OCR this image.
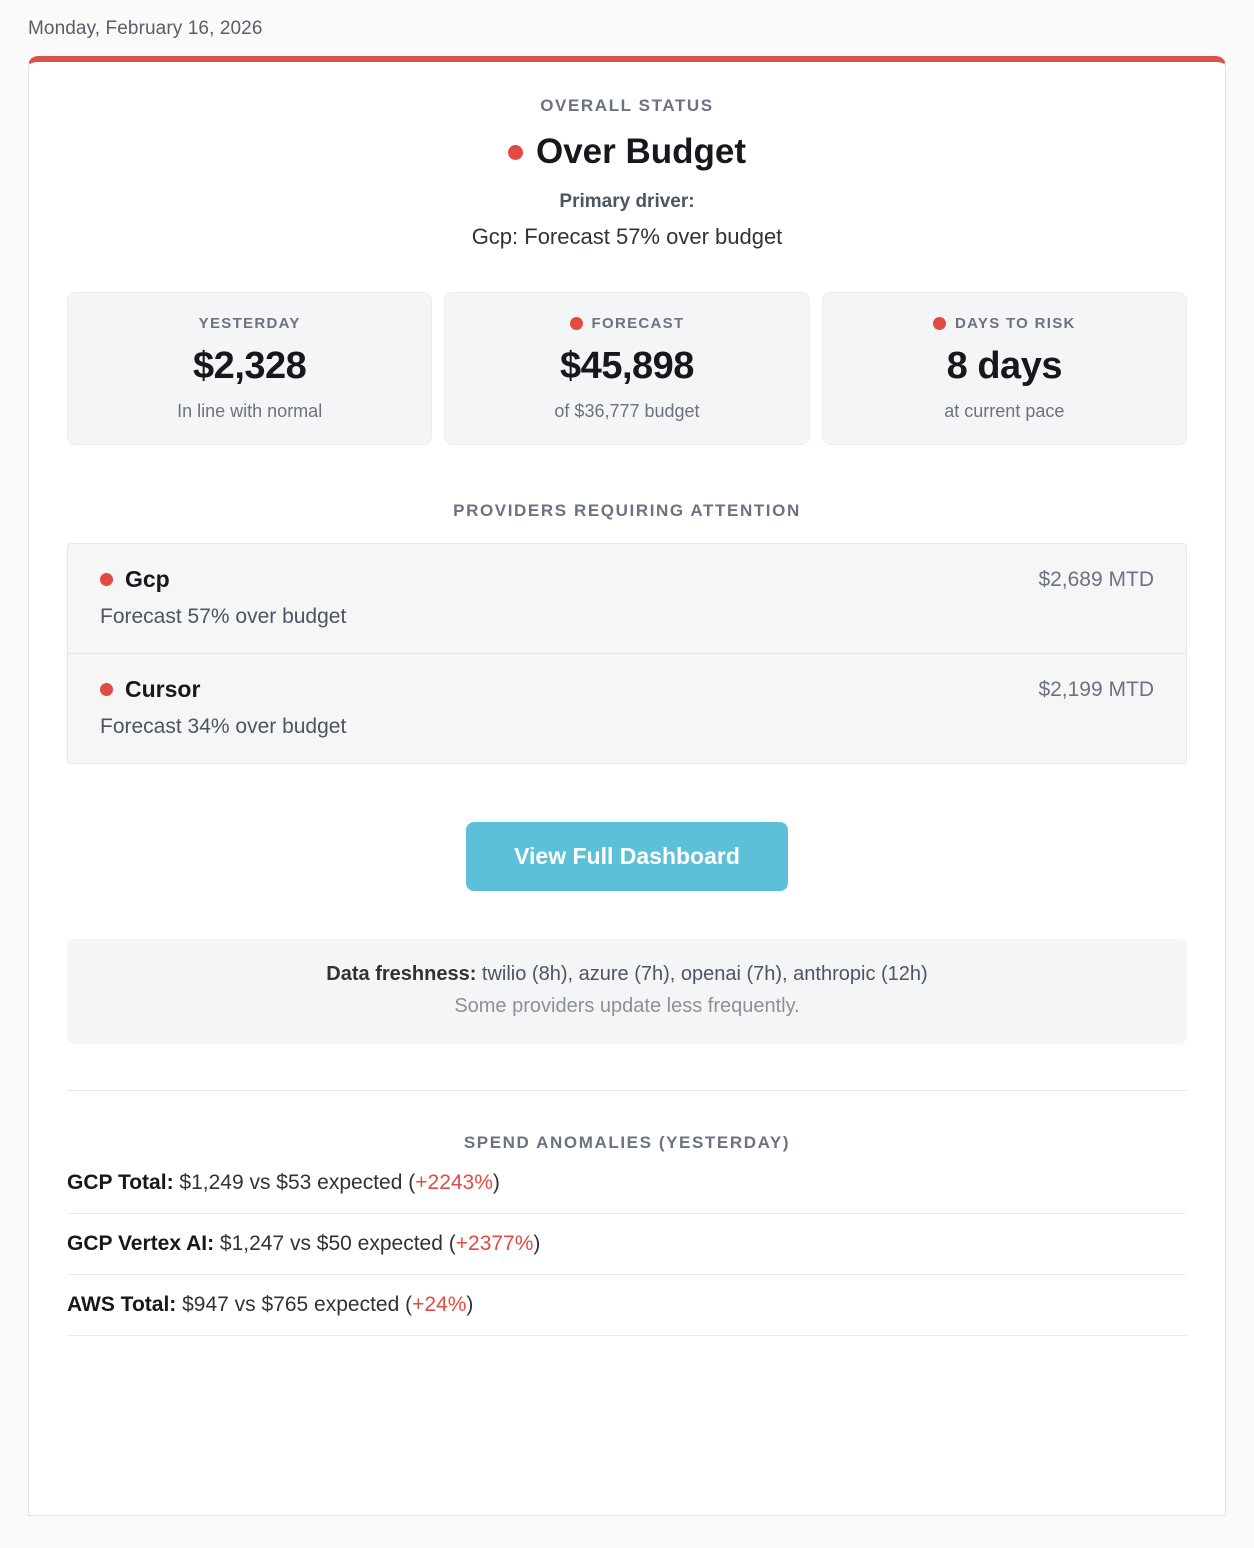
Monday, February 16, 2026
OVERALL STATUS
Over Budget
Primary driver:
Gcp: Forecast 57% over budget
YESTERDAY
$2,328
In line with normal
FORECAST
$45,898
of $36,777 budget
DAYS TO RISK
8 days
at current pace
PROVIDERS REQUIRING ATTENTION
Gcp	$2,689 MTD
Forecast 57% over budget
Cursor	$2,199 MTD
Forecast 34% over budget
View Full Dashboard
Data freshness: twilio (8h), azure (7h), openai (7h), anthropic (12h)
Some providers update less frequently.
SPEND ANOMALIES (YESTERDAY)
GCP Total: $1,249 vs $53 expected (+2243%)
GCP Vertex AI: $1,247 vs $50 expected (+2377%)
AWS Total: $947 vs $765 expected (+24%)
